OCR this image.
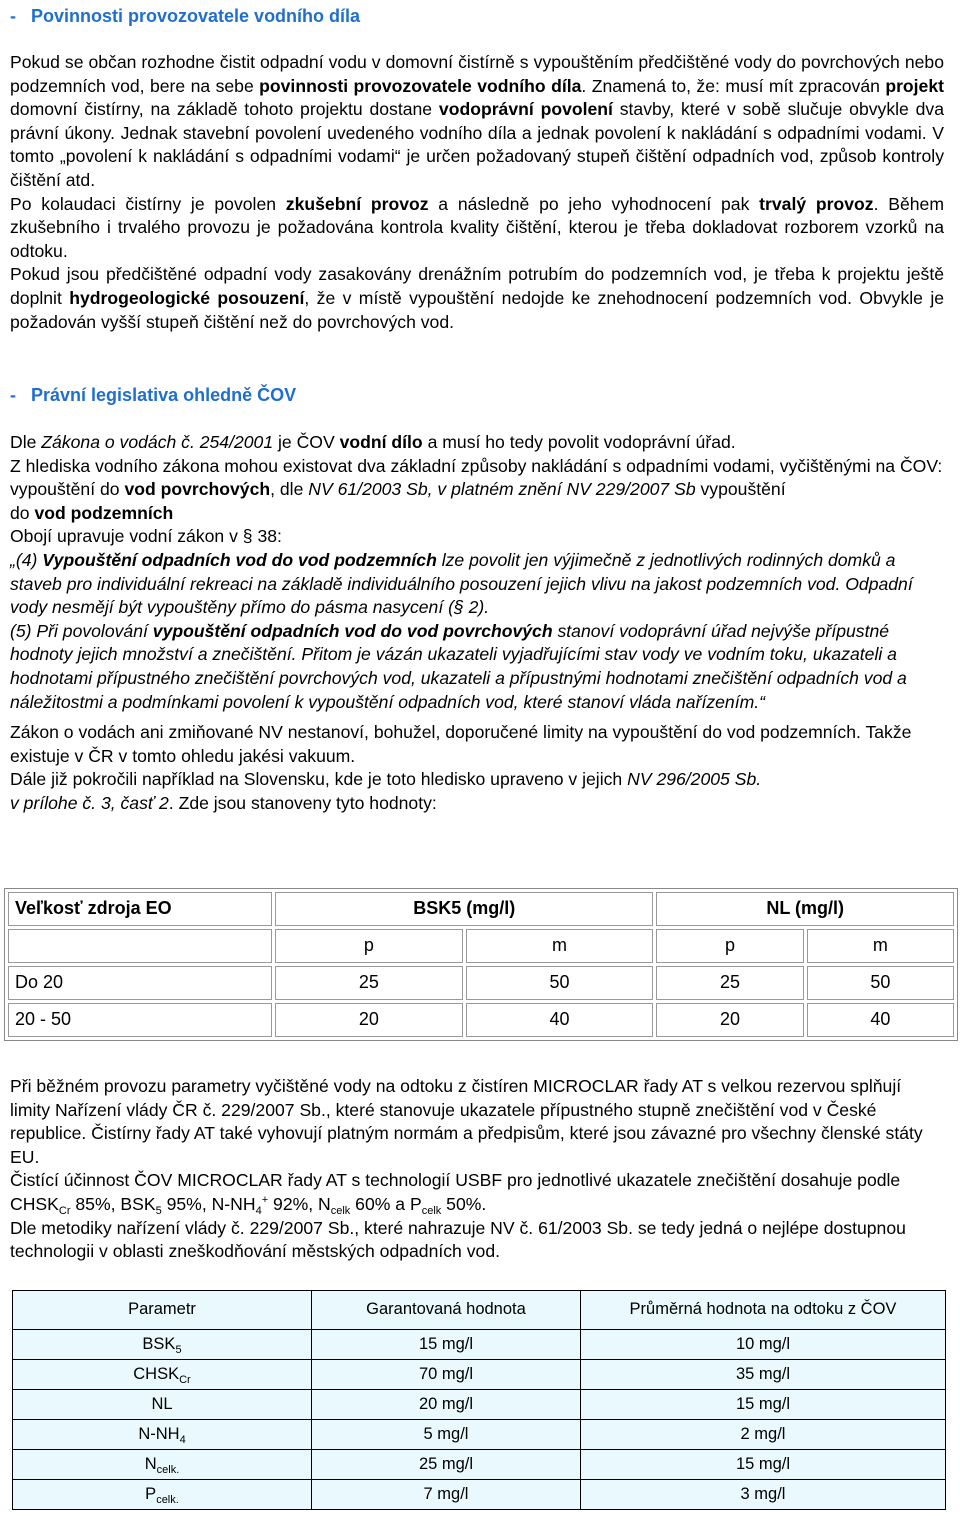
- Povinnosti provozovatele vodního díla

Pokud se občan rozhodne čistit odpadní vodu v domovní čistírně s vypouštěním předčištěné vody do povrchových nebo podzemních vod, bere na sebe povinnosti provozovatele vodního díla. Znamená to, že: musí mít zpracován projekt domovní čistírny, na základě tohoto projektu dostane vodoprávní povolení stavby, které v sobě slučuje obvykle dva právní úkony. Jednak stavební povolení uvedeného vodního díla a jednak povolení k nakládání s odpadními vodami. V tomto „povolení k nakládání s odpadními vodami“ je určen požadovaný stupeň čištění odpadních vod, způsob kontroly čištění atd.

Po kolaudaci čistírny je povolen zkušební provoz a následně po jeho vyhodnocení pak trvalý provoz. Během zkušebního i trvalého provozu je požadována kontrola kvality čištění, kterou je třeba dokladovat rozborem vzorků na odtoku.

Pokud jsou předčištěné odpadní vody zasakovány drenážním potrubím do podzemních vod, je třeba k projektu ještě doplnit hydrogeologické posouzení, že v místě vypouštění nedojde ke znehodnocení podzemních vod. Obvykle je požadován vyšší stupeň čištění než do povrchových vod.

- Právní legislativa ohledně ČOV

Dle Zákona o vodách č. 254/2001 je ČOV vodní dílo a musí ho tedy povolit vodoprávní úřad.

Z hlediska vodního zákona mohou existovat dva základní způsoby nakládání s odpadními vodami, vyčištěnými na ČOV:

vypouštění do vod povrchových, dle NV 61/2003 Sb, v platném znění NV 229/2007 Sb vypouštění

do vod podzemních

Obojí upravuje vodní zákon v § 38:

„(4) Vypouštění odpadních vod do vod podzemních lze povolit jen výjimečně z jednotlivých rodinných domků a staveb pro individuální rekreaci na základě individuálního posouzení jejich vlivu na jakost podzemních vod. Odpadní vody nesmějí být vypouštěny přímo do pásma nasycení (§ 2).

(5) Při povolování vypouštění odpadních vod do vod povrchových stanoví vodoprávní úřad nejvýše přípustné hodnoty jejich množství a znečištění. Přitom je vázán ukazateli vyjadřujícími stav vody ve vodním toku, ukazateli a hodnotami přípustného znečištění povrchových vod, ukazateli a přípustnými hodnotami znečištění odpadních vod a náležitostmi a podmínkami povolení k vypouštění odpadních vod, které stanoví vláda nařízením.“

Zákon o vodách ani zmiňované NV nestanoví, bohužel, doporučené limity na vypouštění do vod podzemních. Takže existuje v ČR v tomto ohledu jakési vakuum.

Dále již pokročili například na Slovensku, kde je toto hledisko upraveno v jejich NV 296/2005 Sb.

v prílohe č. 3, časť 2. Zde jsou stanoveny tyto hodnoty:

Veľkosť zdroja EO	BSK5 (mg/l)		NL (mg/l)	
	p	m	p	m
Do 20	25	50	25	50
20 - 50	20	40	20	40

Při běžném provozu parametry vyčištěné vody na odtoku z čistíren MICROCLAR řady AT s velkou rezervou splňují limity Nařízení vlády ČR č. 229/2007 Sb., které stanovuje ukazatele přípustného stupně znečištění vod v České republice. Čistírny řady AT také vyhovují platným normám a předpisům, které jsou závazné pro všechny členské státy EU.

Čistící účinnost ČOV MICROCLAR řady AT s technologií USBF pro jednotlivé ukazatele znečištění dosahuje podle $CHSK_{Cr}$ 85%, $BSK_5$ 95%, $N-NH_4^+$ 92%, $N_{celk}$ 60% a $P_{celk}$ 50%.

Dle metodiky nařízení vlády č. 229/2007 Sb., které nahrazuje NV č. 61/2003 Sb. se tedy jedná o nejlépe dostupnou technologii v oblasti zneškodňování městských odpadních vod.

Parametr	Garantovaná hodnota	Průměrná hodnota na odtoku z ČOV
$BSK_5$	15 mg/l	10 mg/l
$CHSK_{Cr}$	70 mg/l	35 mg/l
NL	20 mg/l	15 mg/l
$N-NH_4$	5 mg/l	2 mg/l
$N_{celk.}$	25 mg/l	15 mg/l
$P_{celk.}$	7 mg/l	3 mg/l
